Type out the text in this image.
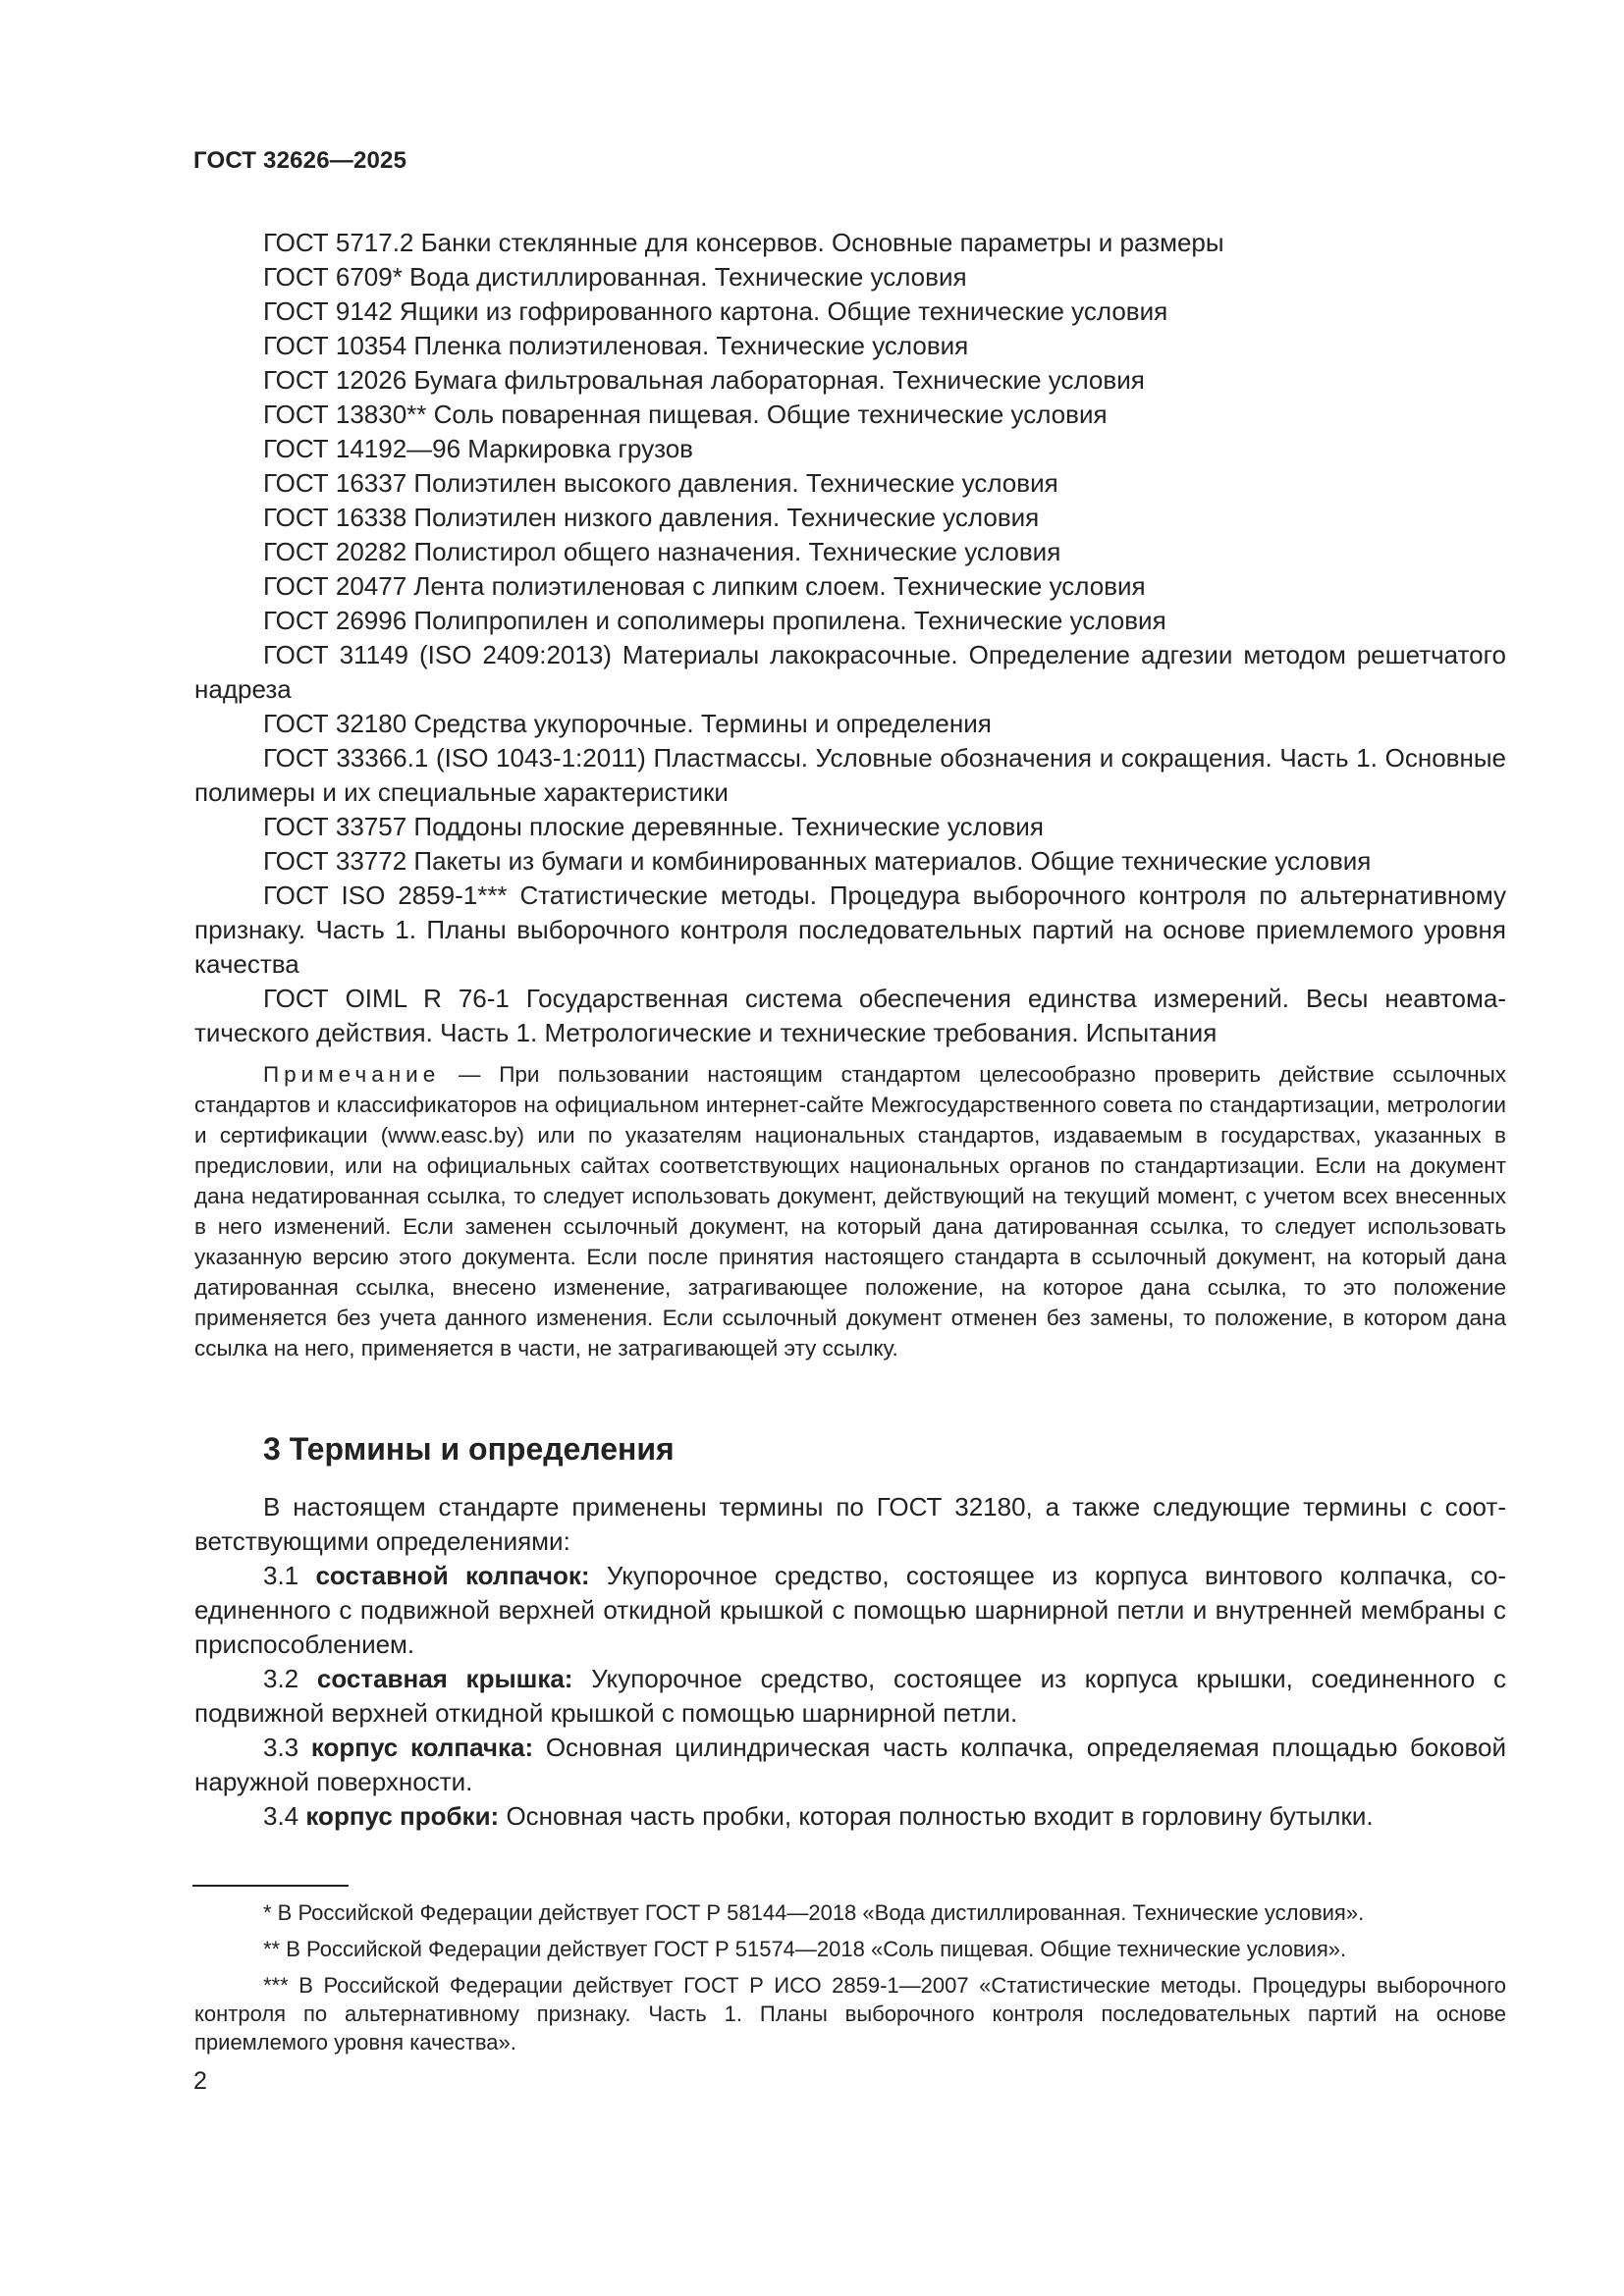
ГОСТ 32626—2025

ГОСТ 5717.2 Банки стеклянные для консервов. Основные параметры и размеры

ГОСТ 6709* Вода дистиллированная. Технические условия

ГОСТ 9142 Ящики из гофрированного картона. Общие технические условия

ГОСТ 10354 Пленка полиэтиленовая. Технические условия

ГОСТ 12026 Бумага фильтровальная лабораторная. Технические условия

ГОСТ 13830** Соль поваренная пищевая. Общие технические условия

ГОСТ 14192—96 Маркировка грузов

ГОСТ 16337 Полиэтилен высокого давления. Технические условия

ГОСТ 16338 Полиэтилен низкого давления. Технические условия

ГОСТ 20282 Полистирол общего назначения. Технические условия

ГОСТ 20477 Лента полиэтиленовая с липким слоем. Технические условия

ГОСТ 26996 Полипропилен и сополимеры пропилена. Технические условия

ГОСТ 31149 (ISO 2409:2013) Материалы лакокрасочные. Определение адгезии методом решетчатого надреза

ГОСТ 32180 Средства укупорочные. Термины и определения

ГОСТ 33366.1 (ISO 1043-1:2011) Пластмассы. Условные обозначения и сокращения. Часть 1. Основные полимеры и их специальные характеристики

ГОСТ 33757 Поддоны плоские деревянные. Технические условия

ГОСТ 33772 Пакеты из бумаги и комбинированных материалов. Общие технические условия

ГОСТ ISO 2859-1*** Статистические методы. Процедура выборочного контроля по альтернативному признаку. Часть 1. Планы выборочного контроля последовательных партий на основе приемлемого уровня качества

ГОСТ OIML R 76-1 Государственная система обеспечения единства измерений. Весы неавтоматического действия. Часть 1. Метрологические и технические требования. Испытания

Примечание — При пользовании настоящим стандартом целесообразно проверить действие ссылочных стандартов и классификаторов на официальном интернет-сайте Межгосударственного совета по стандартизации, метрологии и сертификации (www.easc.by) или по указателям национальных стандартов, издаваемым в государствах, указанных в предисловии, или на официальных сайтах соответствующих национальных органов по стандартизации. Если на документ дана недатированная ссылка, то следует использовать документ, действующий на текущий момент, с учетом всех внесенных в него изменений. Если заменен ссылочный документ, на который дана датированная ссылка, то следует использовать указанную версию этого документа. Если после принятия настоящего стандарта в ссылочный документ, на который дана датированная ссылка, внесено изменение, затрагивающее положение, на которое дана ссылка, то это положение применяется без учета данного изменения. Если ссылочный документ отменен без замены, то положение, в котором дана ссылка на него, применяется в части, не затрагивающей эту ссылку.

3 Термины и определения

В настоящем стандарте применены термины по ГОСТ 32180, а также следующие термины с соответствующими определениями:

3.1 составной колпачок: Укупорочное средство, состоящее из корпуса винтового колпачка, соединенного с подвижной верхней откидной крышкой с помощью шарнирной петли и внутренней мембраны с приспособлением.

3.2 составная крышка: Укупорочное средство, состоящее из корпуса крышки, соединенного с подвижной верхней откидной крышкой с помощью шарнирной петли.

3.3 корпус колпачка: Основная цилиндрическая часть колпачка, определяемая площадью боковой наружной поверхности.

3.4 корпус пробки: Основная часть пробки, которая полностью входит в горловину бутылки.

* В Российской Федерации действует ГОСТ Р 58144—2018 «Вода дистиллированная. Технические условия».

** В Российской Федерации действует ГОСТ Р 51574—2018 «Соль пищевая. Общие технические условия».

*** В Российской Федерации действует ГОСТ Р ИСО 2859-1—2007 «Статистические методы. Процедуры выборочного контроля по альтернативному признаку. Часть 1. Планы выборочного контроля последовательных партий на основе приемлемого уровня качества».

2
